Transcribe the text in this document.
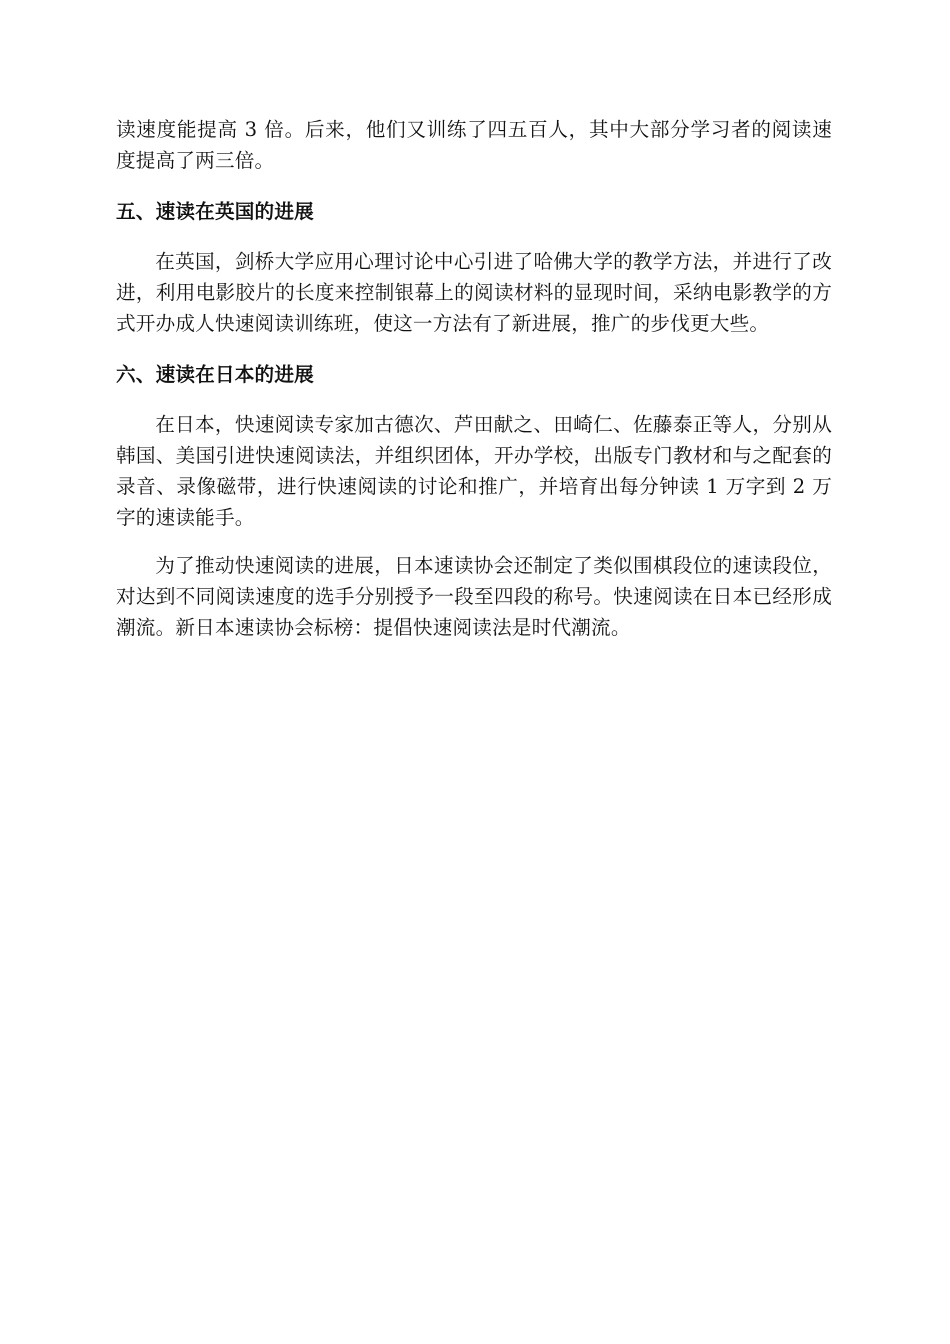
读速度能提高 3 倍。后来，他们又训练了四五百人，其中大部分学习者的阅读速度提高了两三倍。

五、速读在英国的进展

在英国，剑桥大学应用心理讨论中心引进了哈佛大学的教学方法，并进行了改进，利用电影胶片的长度来控制银幕上的阅读材料的显现时间，采纳电影教学的方式开办成人快速阅读训练班，使这一方法有了新进展，推广的步伐更大些。

六、速读在日本的进展

在日本，快速阅读专家加古德次、芦田献之、田崎仁、佐藤泰正等人，分别从韩国、美国引进快速阅读法，并组织团体，开办学校，出版专门教材和与之配套的录音、录像磁带，进行快速阅读的讨论和推广，并培育出每分钟读 1 万字到 2 万字的速读能手。

为了推动快速阅读的进展，日本速读协会还制定了类似围棋段位的速读段位，对达到不同阅读速度的选手分别授予一段至四段的称号。快速阅读在日本已经形成潮流。新日本速读协会标榜：提倡快速阅读法是时代潮流。
